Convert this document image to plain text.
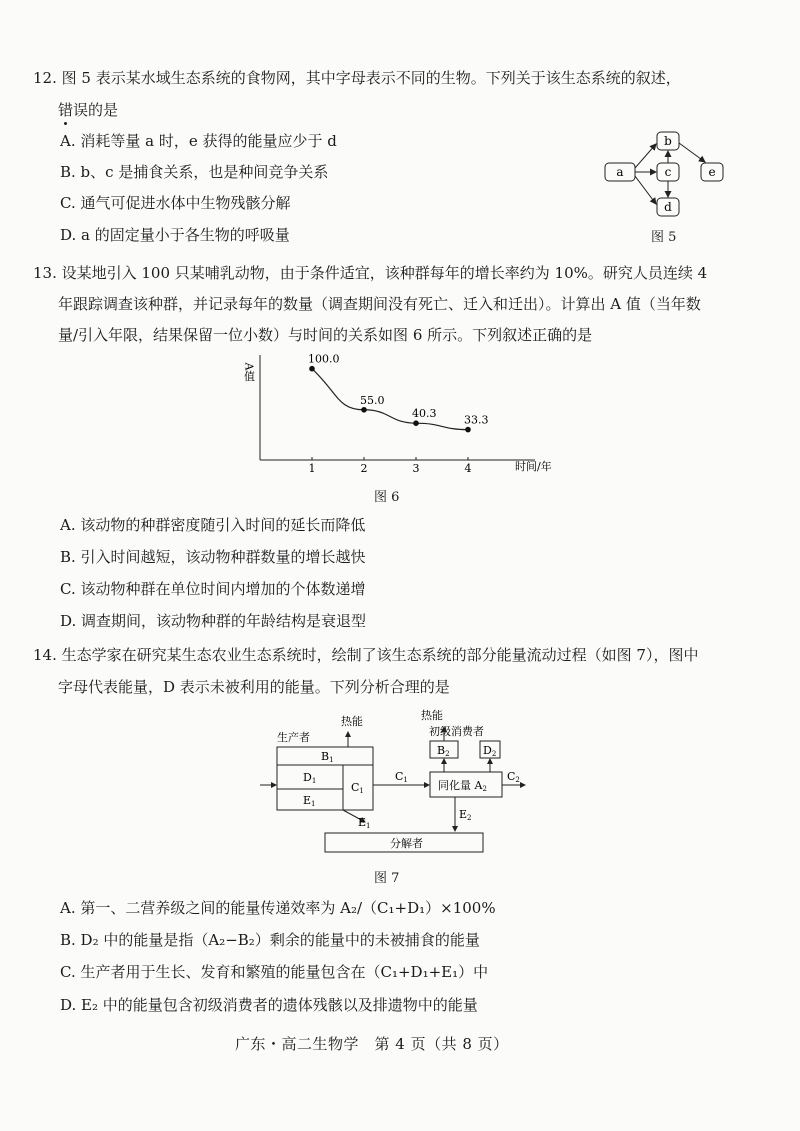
12. 图 5 表示某水域生态系统的食物网，其中字母表示不同的生物。下列关于该生态系统的叙述，
错误的是
A. 消耗等量 a 时，e 获得的能量应少于 d
B. b、c 是捕食关系，也是种间竞争关系
C. 通气可促进水体中生物残骸分解
D. a 的固定量小于各生物的呼吸量
a
b
c
d
e
图 5
13. 设某地引入 100 只某哺乳动物，由于条件适宜，该种群每年的增长率约为 10%。研究人员连续 4
年跟踪调查该种群，并记录每年的数量（调查期间没有死亡、迁入和迁出）。计算出 A 值（当年数
量/引入年限，结果保留一位小数）与时间的关系如图 6 所示。下列叙述正确的是
A值
时间/年
100.0
1
55.0
2
40.3
3
33.3
4
图 6
A. 该动物的种群密度随引入时间的延长而降低
B. 引入时间越短，该动物种群数量的增长越快
C. 该动物种群在单位时间内增加的个体数递增
D. 调查期间，该动物种群的年龄结构是衰退型
14. 生态学家在研究某生态农业生态系统时，绘制了该生态系统的部分能量流动过程（如图 7），图中
字母代表能量，D 表示未被利用的能量。下列分析合理的是
生产者
B1
D1
E1
C1
热能
C1
E1
初级消费者
热能
B2	D2
同化量 A2
C2
E2
分解者
图 7
A. 第一、二营养级之间的能量传递效率为 A₂/（C₁+D₁）×100%
B. D₂ 中的能量是指（A₂−B₂）剩余的能量中的未被捕食的能量
C. 生产者用于生长、发育和繁殖的能量包含在（C₁+D₁+E₁）中
D. E₂ 中的能量包含初级消费者的遗体残骸以及排遗物中的能量
广东・高二生物学　第 4 页（共 8 页）
